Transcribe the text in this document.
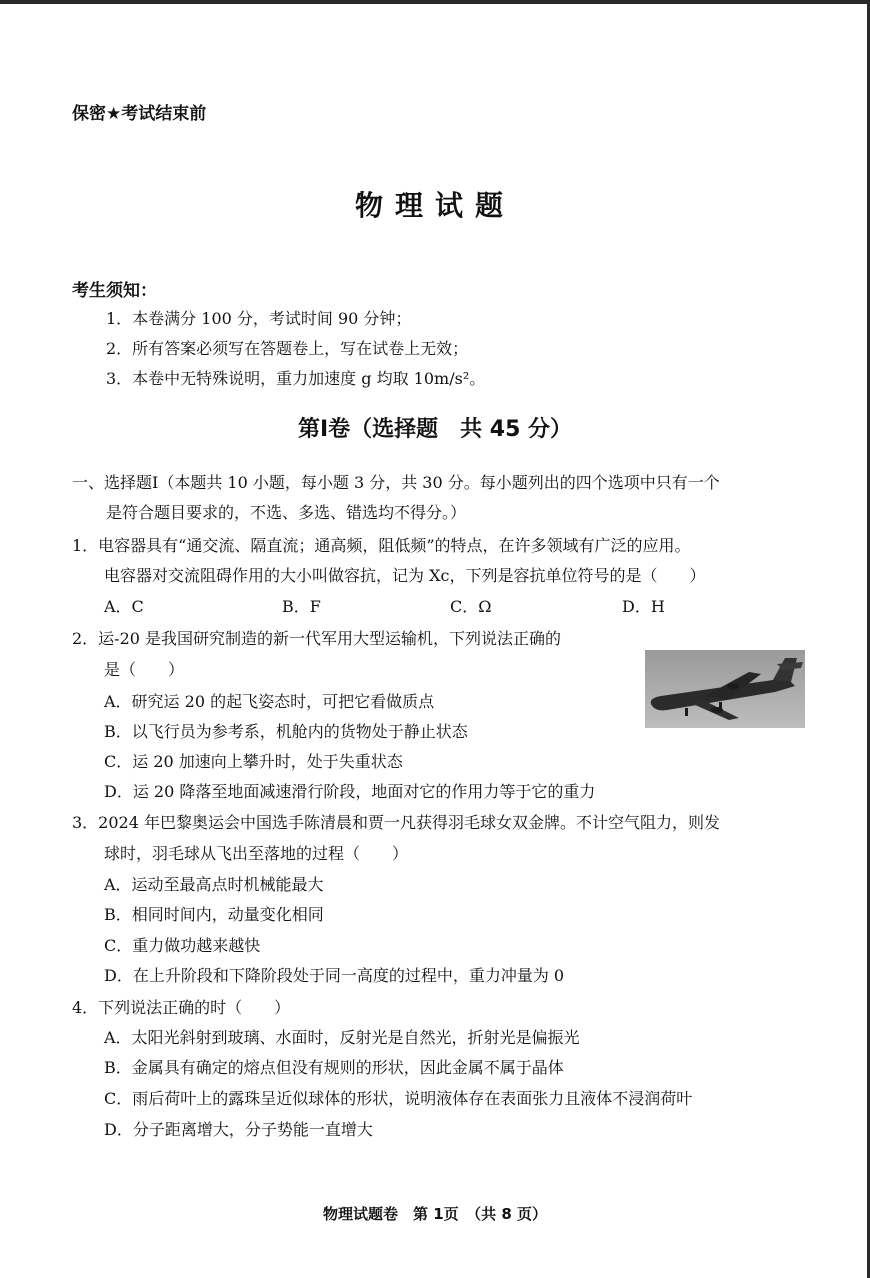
保密★考试结束前
物理试题
考生须知：
1．本卷满分 100 分，考试时间 90 分钟；
2．所有答案必须写在答题卷上，写在试卷上无效；
3．本卷中无特殊说明，重力加速度 g 均取 10m/s²。
第Ⅰ卷（选择题　共 45 分）
一、选择题Ⅰ（本题共 10 小题，每小题 3 分，共 30 分。每小题列出的四个选项中只有一个
是符合题目要求的，不选、多选、错选均不得分。）
1．电容器具有“通交流、隔直流；通高频，阻低频”的特点，在许多领域有广泛的应用。
电容器对交流阻碍作用的大小叫做容抗，记为 Xc，下列是容抗单位符号的是（　　）
A．C	B．F	C．Ω	D．H
2．运-20 是我国研究制造的新一代军用大型运输机，下列说法正确的
是（　　）
A．研究运 20 的起飞姿态时，可把它看做质点
B．以飞行员为参考系，机舱内的货物处于静止状态
C．运 20 加速向上攀升时，处于失重状态
D．运 20 降落至地面减速滑行阶段，地面对它的作用力等于它的重力
3．2024 年巴黎奥运会中国选手陈清晨和贾一凡获得羽毛球女双金牌。不计空气阻力，则发
球时，羽毛球从飞出至落地的过程（　　）
A．运动至最高点时机械能最大
B．相同时间内，动量变化相同
C．重力做功越来越快
D．在上升阶段和下降阶段处于同一高度的过程中，重力冲量为 0
4．下列说法正确的时（　　）
A．太阳光斜射到玻璃、水面时，反射光是自然光，折射光是偏振光
B．金属具有确定的熔点但没有规则的形状，因此金属不属于晶体
C．雨后荷叶上的露珠呈近似球体的形状，说明液体存在表面张力且液体不浸润荷叶
D．分子距离增大，分子势能一直增大
物理试题卷　第 1页　（共 8 页）
